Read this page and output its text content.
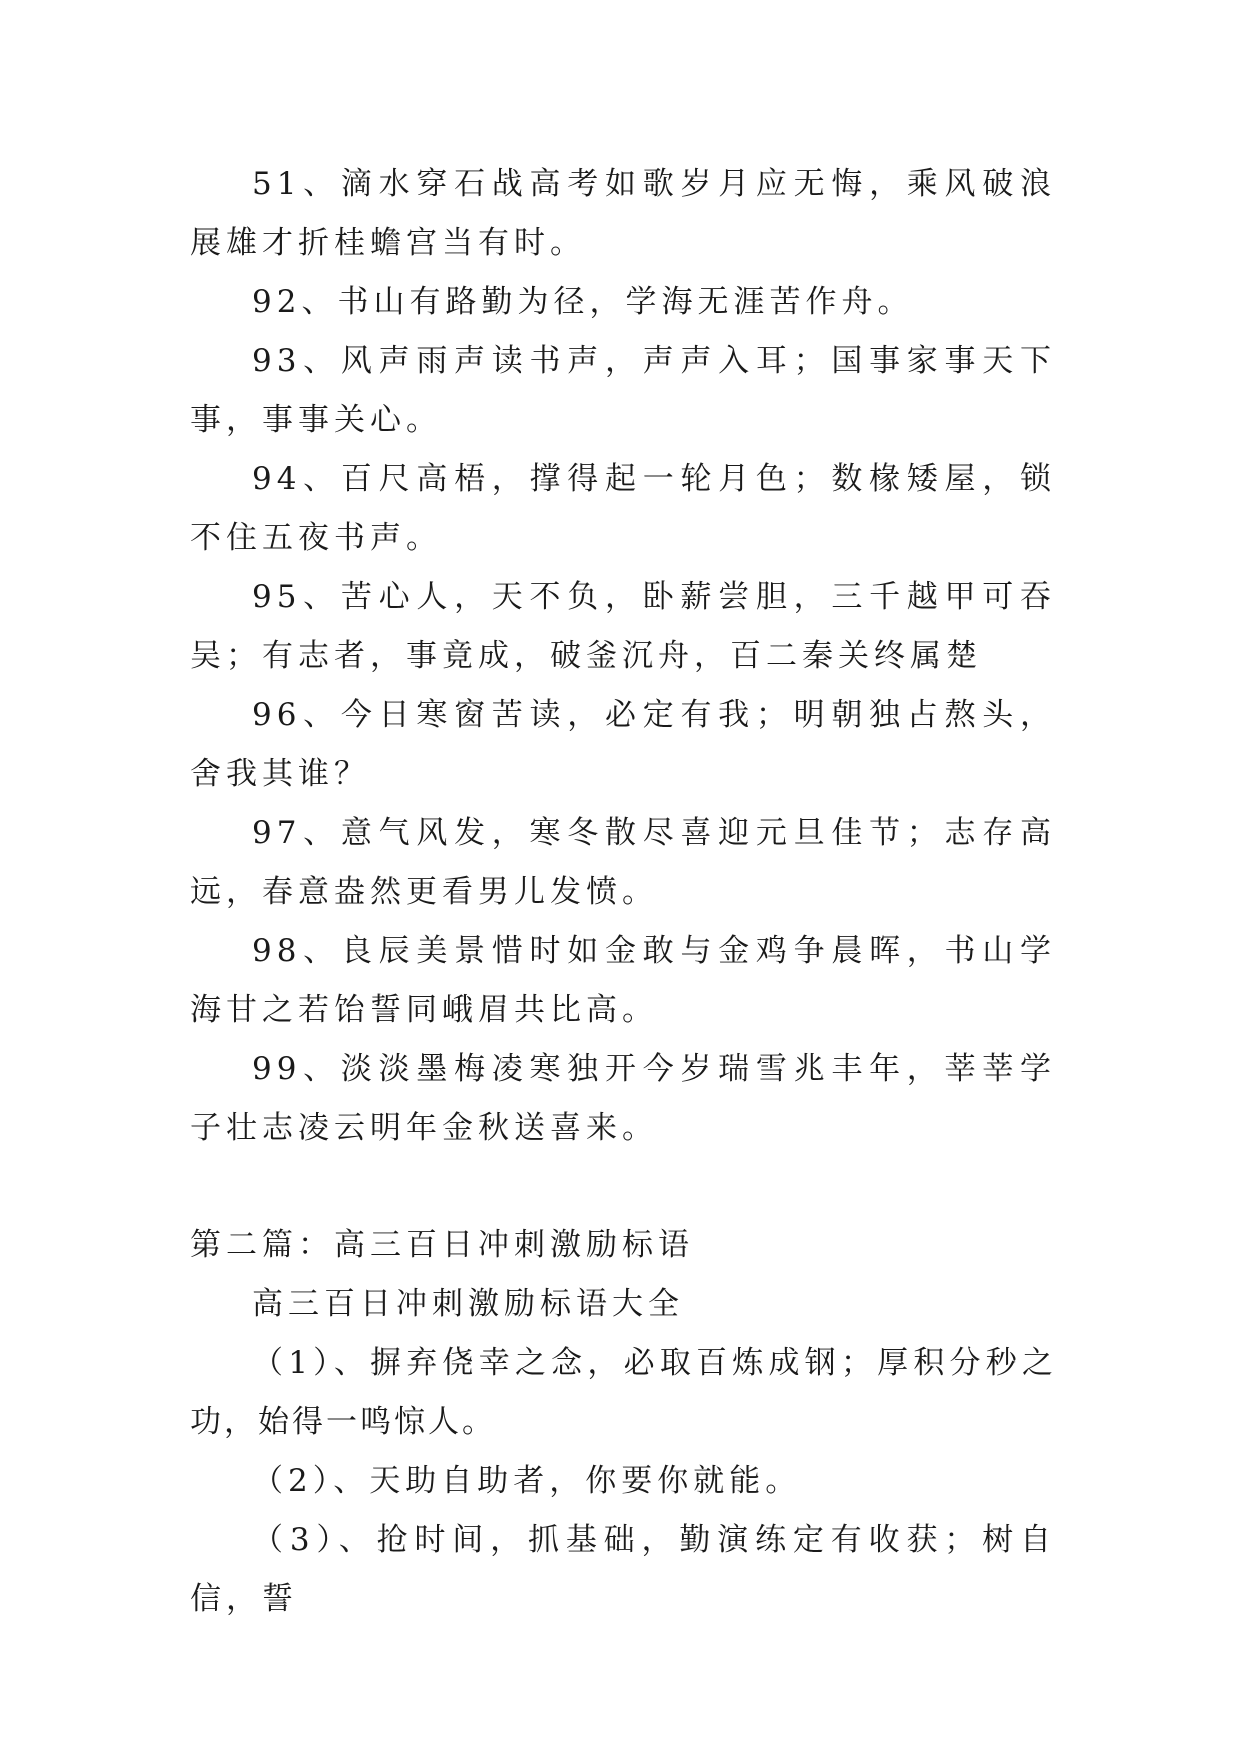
51、滴水穿石战高考如歌岁月应无悔，乘风破浪展雄才折桂蟾宫当有时。

92、书山有路勤为径，学海无涯苦作舟。

93、风声雨声读书声，声声入耳；国事家事天下事，事事关心。

94、百尺高梧，撑得起一轮月色；数椽矮屋，锁不住五夜书声。

95、苦心人，天不负，卧薪尝胆，三千越甲可吞吴；有志者，事竟成，破釜沉舟，百二秦关终属楚

96、今日寒窗苦读，必定有我；明朝独占熬头，舍我其谁？

97、意气风发，寒冬散尽喜迎元旦佳节；志存高远，春意盎然更看男儿发愤。

98、良辰美景惜时如金敢与金鸡争晨晖，书山学海甘之若饴誓同峨眉共比高。

99、淡淡墨梅凌寒独开今岁瑞雪兆丰年，莘莘学子壮志凌云明年金秋送喜来。

第二篇：高三百日冲刺激励标语

高三百日冲刺激励标语大全

（1）、摒弃侥幸之念，必取百炼成钢；厚积分秒之功，始得一鸣惊人。

（2）、天助自助者，你要你就能。

（3）、抢时间，抓基础，勤演练定有收获；树自信，誓
